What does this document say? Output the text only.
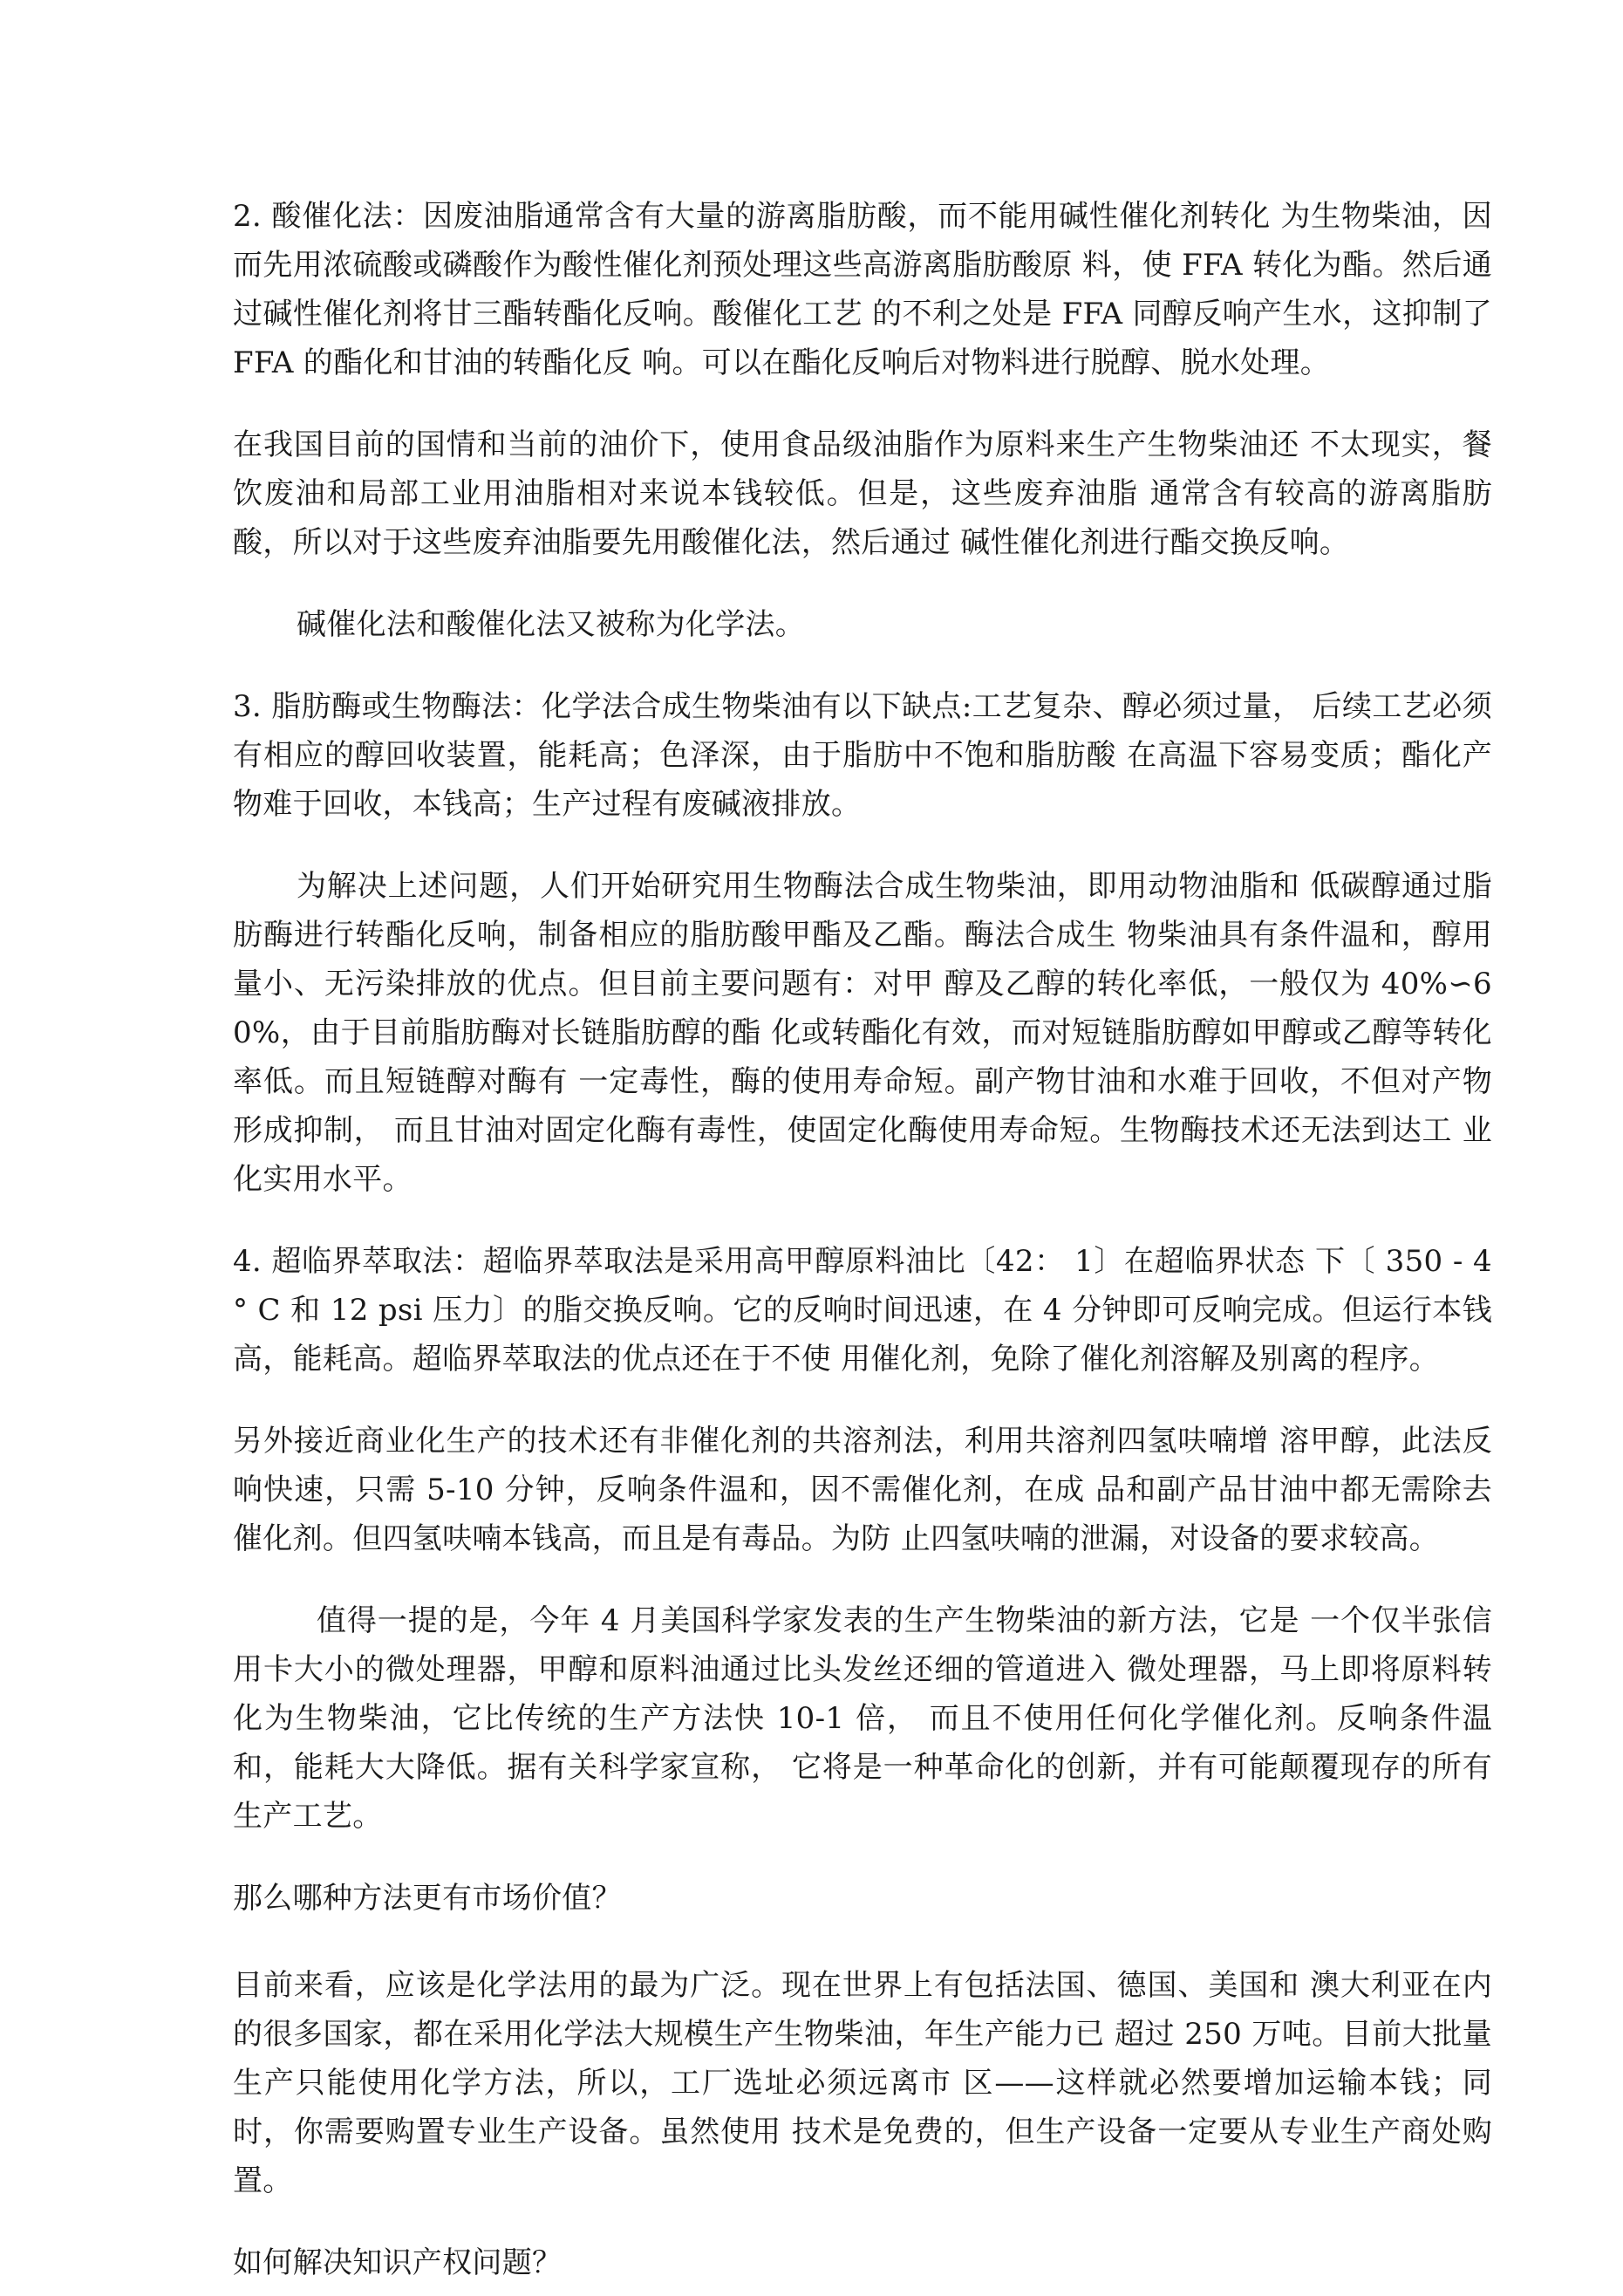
2. 酸催化法：因废油脂通常含有大量的游离脂肪酸，而不能用碱性催化剂转化 为生物柴油，因而先用浓硫酸或磷酸作为酸性催化剂预处理这些高游离脂肪酸原 料，使 FFA 转化为酯。然后通过碱性催化剂将甘三酯转酯化反响。酸催化工艺 的不利之处是 FFA 同醇反响产生水，这抑制了 FFA 的酯化和甘油的转酯化反 响。可以在酯化反响后对物料进行脱醇、脱水处理。

在我国目前的国情和当前的油价下，使用食品级油脂作为原料来生产生物柴油还 不太现实，餐饮废油和局部工业用油脂相对来说本钱较低。但是，这些废弃油脂 通常含有较高的游离脂肪酸，所以对于这些废弃油脂要先用酸催化法，然后通过 碱性催化剂进行酯交换反响。

碱催化法和酸催化法又被称为化学法。

3. 脂肪酶或生物酶法：化学法合成生物柴油有以下缺点:工艺复杂、醇必须过量， 后续工艺必须有相应的醇回收装置，能耗高；色泽深，由于脂肪中不饱和脂肪酸 在高温下容易变质；酯化产物难于回收，本钱高；生产过程有废碱液排放。

为解决上述问题，人们开始研究用生物酶法合成生物柴油，即用动物油脂和 低碳醇通过脂肪酶进行转酯化反响，制备相应的脂肪酸甲酯及乙酯。酶法合成生 物柴油具有条件温和，醇用量小、无污染排放的优点。但目前主要问题有：对甲 醇及乙醇的转化率低，一般仅为 40%∽60%，由于目前脂肪酶对长链脂肪醇的酯 化或转酯化有效，而对短链脂肪醇如甲醇或乙醇等转化率低。而且短链醇对酶有 一定毒性，酶的使用寿命短。副产物甘油和水难于回收，不但对产物形成抑制， 而且甘油对固定化酶有毒性，使固定化酶使用寿命短。生物酶技术还无法到达工 业化实用水平。

4. 超临界萃取法：超临界萃取法是采用高甲醇原料油比〔42： 1〕在超临界状态 下〔 350 - 4 ° C 和 12 psi 压力〕的脂交换反响。它的反响时间迅速，在 4 分钟即可反响完成。但运行本钱高，能耗高。超临界萃取法的优点还在于不使 用催化剂，免除了催化剂溶解及别离的程序。

另外接近商业化生产的技术还有非催化剂的共溶剂法，利用共溶剂四氢呋喃增 溶甲醇，此法反响快速，只需 5-10 分钟，反响条件温和，因不需催化剂，在成 品和副产品甘油中都无需除去催化剂。但四氢呋喃本钱高，而且是有毒品。为防 止四氢呋喃的泄漏，对设备的要求较高。

值得一提的是，今年 4 月美国科学家发表的生产生物柴油的新方法，它是 一个仅半张信用卡大小的微处理器，甲醇和原料油通过比头发丝还细的管道进入 微处理器，马上即将原料转化为生物柴油，它比传统的生产方法快 10-1 倍， 而且不使用任何化学催化剂。反响条件温和，能耗大大降低。据有关科学家宣称， 它将是一种革命化的创新，并有可能颠覆现存的所有生产工艺。

那么哪种方法更有市场价值？

目前来看，应该是化学法用的最为广泛。现在世界上有包括法国、德国、美国和 澳大利亚在内的很多国家，都在采用化学法大规模生产生物柴油，年生产能力已 超过 250 万吨。目前大批量生产只能使用化学方法，所以，工厂选址必须远离市 区——这样就必然要增加运输本钱；同时，你需要购置专业生产设备。虽然使用 技术是免费的，但生产设备一定要从专业生产商处购置。

如何解决知识产权问题？
